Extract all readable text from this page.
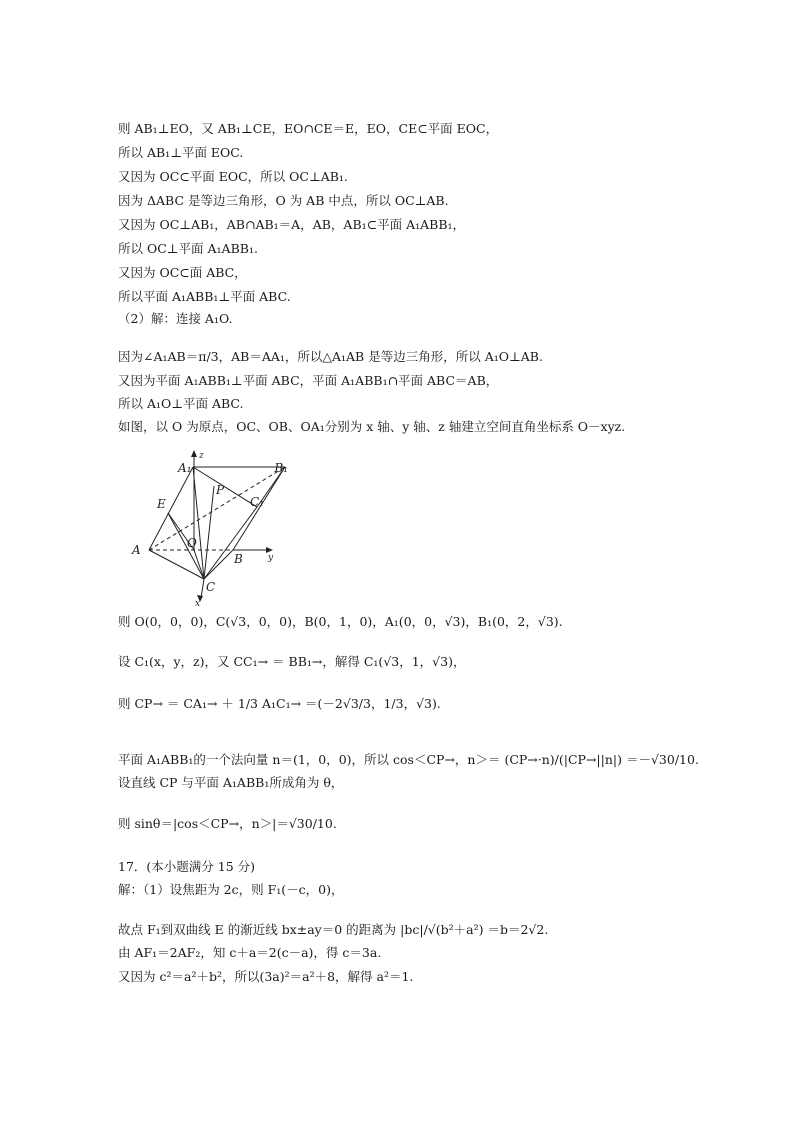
则 AB₁⊥EO，又 AB₁⊥CE，EO∩CE＝E，EO，CE⊂平面 EOC，
所以 AB₁⊥平面 EOC.
又因为 OC⊂平面 EOC，所以 OC⊥AB₁.
因为 ΔABC 是等边三角形，O 为 AB 中点，所以 OC⊥AB.
又因为 OC⊥AB₁，AB∩AB₁＝A，AB，AB₁⊂平面 A₁ABB₁，
所以 OC⊥平面 A₁ABB₁.
又因为 OC⊂面 ABC，
所以平面 A₁ABB₁⊥平面 ABC.
（2）解：连接 A₁O.
因为∠A₁AB＝π/3，AB＝AA₁，所以△A₁AB 是等边三角形，所以 A₁O⊥AB.
又因为平面 A₁ABB₁⊥平面 ABC，平面 A₁ABB₁∩平面 ABC＝AB，
所以 A₁O⊥平面 ABC.
如图，以 O 为原点，OC、OB、OA₁分别为 x 轴、y 轴、z 轴建立空间直角坐标系 O－xyz.
A₁	B₁
P
C₁
E
A	O
B
C
z
y
x
则 O(0，0，0)，C(√3，0，0)，B(0，1，0)，A₁(0，0，√3)，B₁(0，2，√3).
设 C₁(x，y，z)，又 CC₁→ ＝ BB₁→，解得 C₁(√3，1，√3)，
则 CP→ ＝ CA₁→ ＋ 1/3 A₁C₁→ ＝(－2√3/3，1/3，√3).
平面 A₁ABB₁的一个法向量 n＝(1，0，0)，所以 cos＜CP→，n＞＝ (CP→·n)/(|CP→||n|) ＝－√30/10.
设直线 CP 与平面 A₁ABB₁所成角为 θ，
则 sinθ＝|cos＜CP→，n＞|＝√30/10.
17．(本小题满分 15 分)
解：（1）设焦距为 2c，则 F₁(－c，0)，
故点 F₁到双曲线 E 的渐近线 bx±ay＝0 的距离为 |bc|/√(b²＋a²) ＝b＝2√2.
由 AF₁＝2AF₂，知 c＋a＝2(c－a)，得 c＝3a.
又因为 c²＝a²＋b²，所以(3a)²＝a²＋8，解得 a²＝1.
